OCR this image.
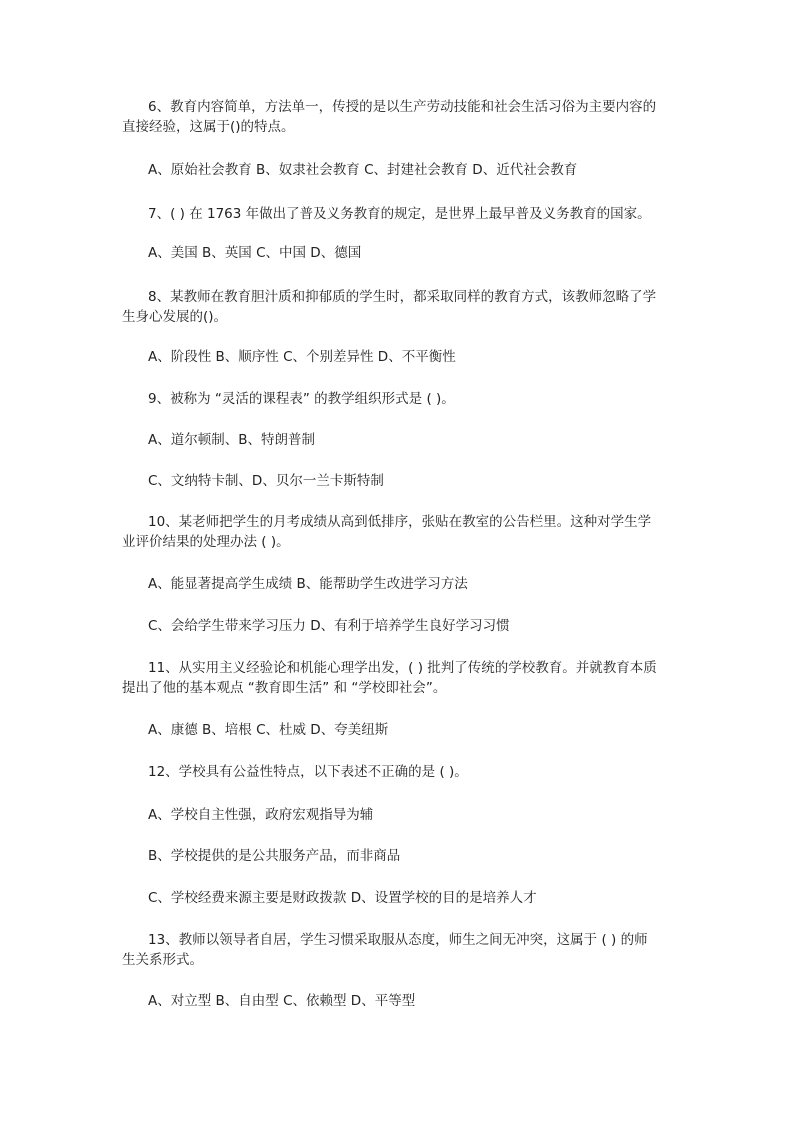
6、教育内容简单，方法单一，传授的是以生产劳动技能和社会生活习俗为主要内容的
直接经验，这属于()的特点。
A、原始社会教育 B、奴隶社会教育 C、封建社会教育 D、近代社会教育
7、( ) 在 1763 年做出了普及义务教育的规定，是世界上最早普及义务教育的国家。
A、美国 B、英国 C、中国 D、德国
8、某教师在教育胆汁质和抑郁质的学生时，都采取同样的教育方式，该教师忽略了学
生身心发展的()。
A、阶段性 B、顺序性 C、个别差异性 D、不平衡性
9、被称为 “灵活的课程表” 的教学组织形式是 ( )。
A、道尔顿制、B、特朗普制
C、文纳特卡制、D、贝尔一兰卡斯特制
10、某老师把学生的月考成绩从高到低排序，张贴在教室的公告栏里。这种对学生学
业评价结果的处理办法 ( )。
A、能显著提高学生成绩 B、能帮助学生改进学习方法
C、会给学生带来学习压力 D、有利于培养学生良好学习习惯
11、从实用主义经验论和机能心理学出发，( ) 批判了传统的学校教育。并就教育本质
提出了他的基本观点 “教育即生活” 和 “学校即社会”。
A、康德 B、培根 C、杜威 D、夸美纽斯
12、学校具有公益性特点，以下表述不正确的是 ( )。
A、学校自主性强，政府宏观指导为辅
B、学校提供的是公共服务产品，而非商品
C、学校经费来源主要是财政拨款 D、设置学校的目的是培养人才
13、教师以领导者自居，学生习惯采取服从态度，师生之间无冲突，这属于 ( ) 的师
生关系形式。
A、对立型 B、自由型 C、依赖型 D、平等型
